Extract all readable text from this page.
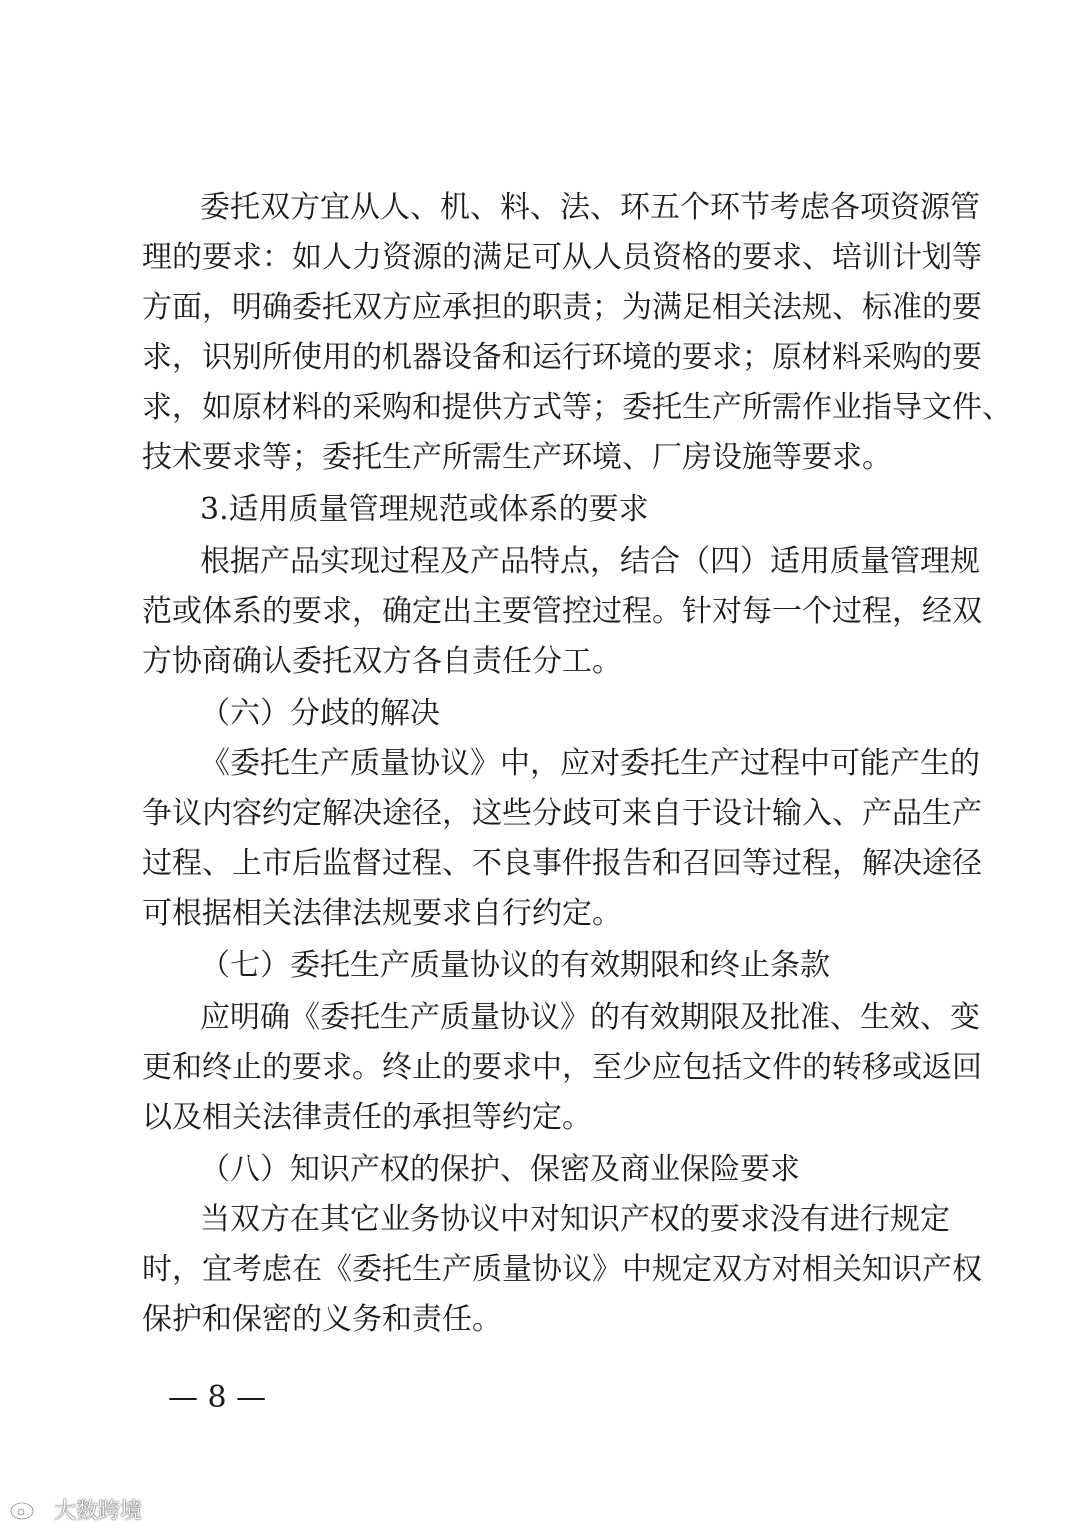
委托双方宜从人、机、料、法、环五个环节考虑各项资源管
理的要求：如人力资源的满足可从人员资格的要求、培训计划等
方面，明确委托双方应承担的职责；为满足相关法规、标准的要
求，识别所使用的机器设备和运行环境的要求；原材料采购的要
求，如原材料的采购和提供方式等；委托生产所需作业指导文件、
技术要求等；委托生产所需生产环境、厂房设施等要求。
3.适用质量管理规范或体系的要求
根据产品实现过程及产品特点，结合（四）适用质量管理规
范或体系的要求，确定出主要管控过程。针对每一个过程，经双
方协商确认委托双方各自责任分工。
（六）分歧的解决
《委托生产质量协议》中，应对委托生产过程中可能产生的
争议内容约定解决途径，这些分歧可来自于设计输入、产品生产
过程、上市后监督过程、不良事件报告和召回等过程，解决途径
可根据相关法律法规要求自行约定。
（七）委托生产质量协议的有效期限和终止条款
应明确《委托生产质量协议》的有效期限及批准、生效、变
更和终止的要求。终止的要求中，至少应包括文件的转移或返回
以及相关法律责任的承担等约定。
（八）知识产权的保护、保密及商业保险要求
当双方在其它业务协议中对知识产权的要求没有进行规定
时，宜考虑在《委托生产质量协议》中规定双方对相关知识产权
保护和保密的义务和责任。
— 8 —
大数跨境
